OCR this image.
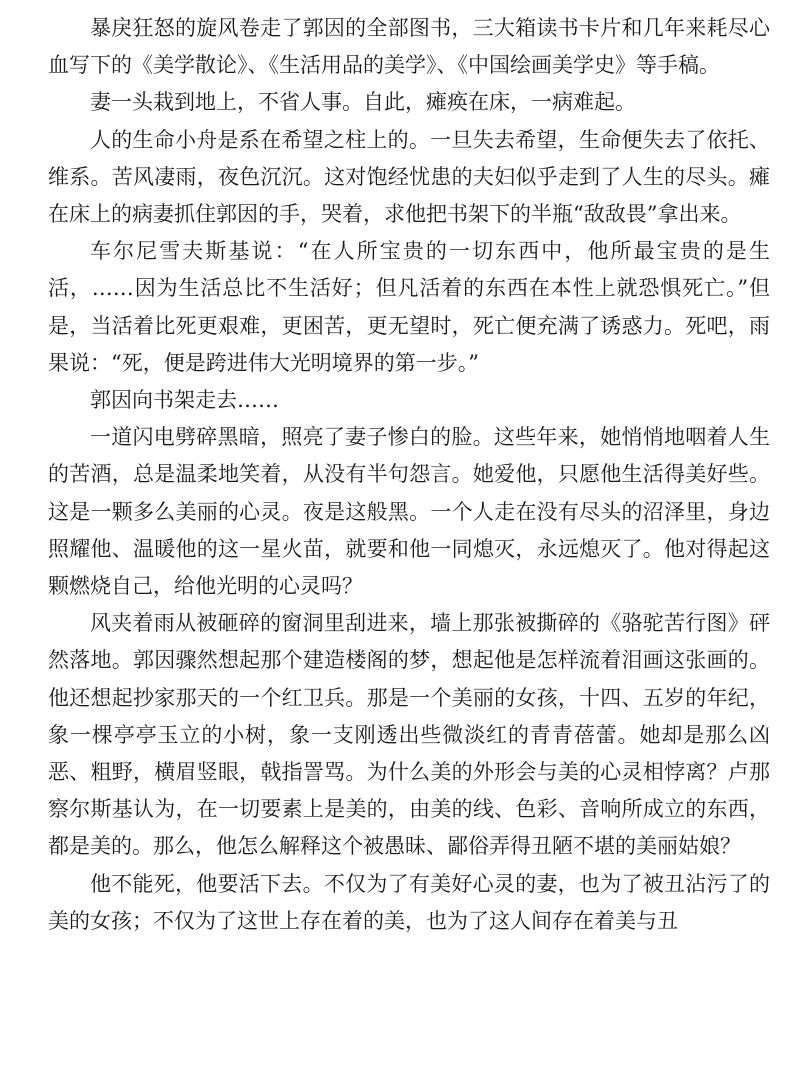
暴戾狂怒的旋风卷走了郭因的全部图书，三大箱读书卡片和几年来耗尽心血写下的《美学散论》、《生活用品的美学》、《中国绘画美学史》等手稿。

妻一头栽到地上，不省人事。自此，瘫痪在床，一病难起。

人的生命小舟是系在希望之柱上的。一旦失去希望，生命便失去了依托、维系。苦风凄雨，夜色沉沉。这对饱经忧患的夫妇似乎走到了人生的尽头。瘫在床上的病妻抓住郭因的手，哭着，求他把书架下的半瓶“敌敌畏”拿出来。

车尔尼雪夫斯基说：“在人所宝贵的一切东西中，他所最宝贵的是生活，……因为生活总比不生活好；但凡活着的东西在本性上就恐惧死亡。”但是，当活着比死更艰难，更困苦，更无望时，死亡便充满了诱惑力。死吧，雨果说：“死，便是跨进伟大光明境界的第一步。”

郭因向书架走去……

一道闪电劈碎黑暗，照亮了妻子惨白的脸。这些年来，她悄悄地咽着人生的苦酒，总是温柔地笑着，从没有半句怨言。她爱他，只愿他生活得美好些。这是一颗多么美丽的心灵。夜是这般黑。一个人走在没有尽头的沼泽里，身边照耀他、温暖他的这一星火苗，就要和他一同熄灭，永远熄灭了。他对得起这颗燃烧自己，给他光明的心灵吗？

风夹着雨从被砸碎的窗洞里刮进来，墙上那张被撕碎的《骆驼苦行图》砰然落地。郭因骤然想起那个建造楼阁的梦，想起他是怎样流着泪画这张画的。他还想起抄家那天的一个红卫兵。那是一个美丽的女孩，十四、五岁的年纪，象一棵亭亭玉立的小树，象一支刚透出些微淡红的青青蓓蕾。她却是那么凶恶、粗野，横眉竖眼，戟指詈骂。为什么美的外形会与美的心灵相悖离？卢那察尔斯基认为，在一切要素上是美的，由美的线、色彩、音响所成立的东西，都是美的。那么，他怎么解释这个被愚昧、鄙俗弄得丑陋不堪的美丽姑娘？

他不能死，他要活下去。不仅为了有美好心灵的妻，也为了被丑沾污了的美的女孩；不仅为了这世上存在着的美，也为了这人间存在着美与丑
